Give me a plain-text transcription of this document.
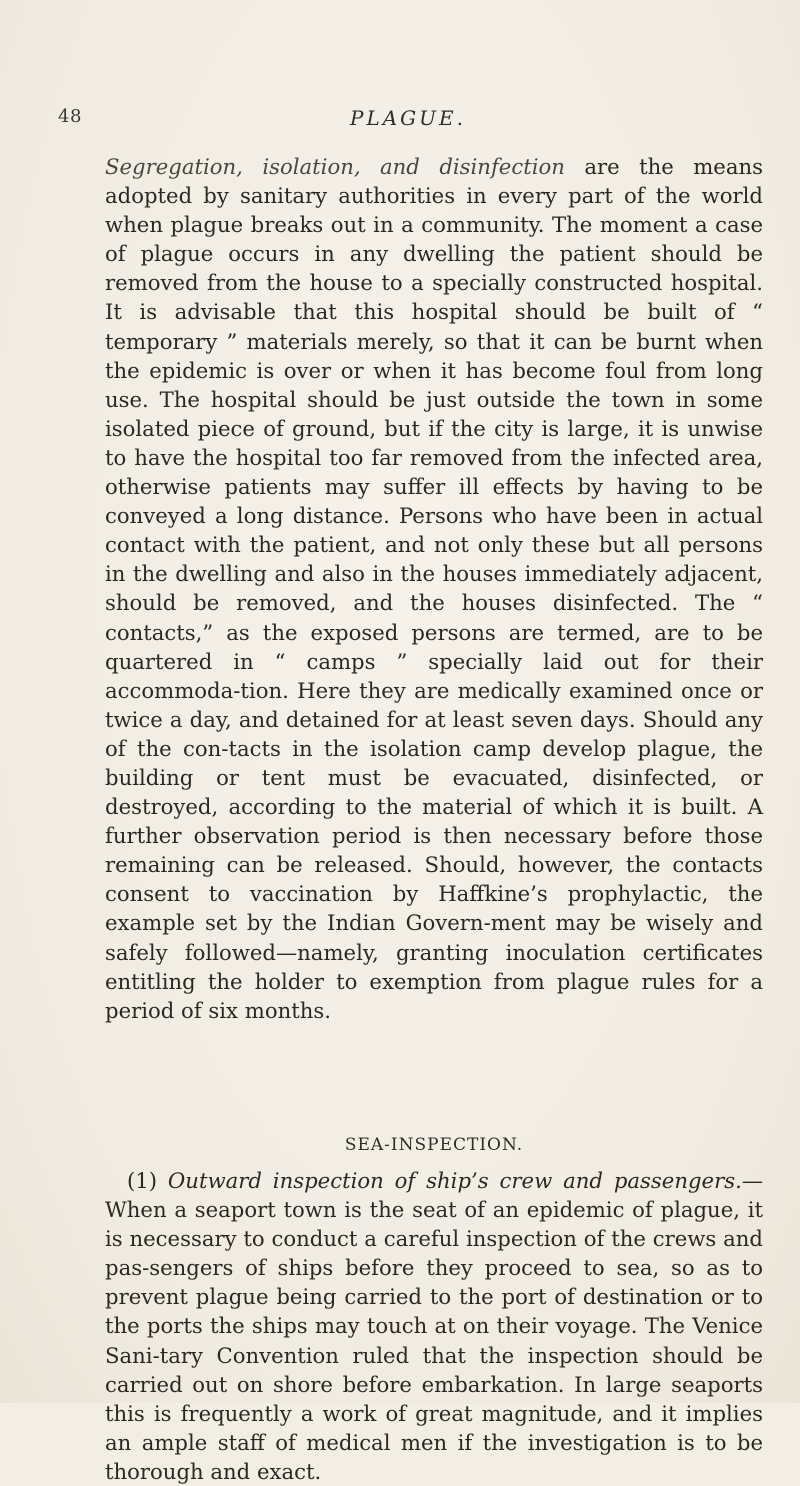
48	PLAGUE.

Segregation, isolation, and disinfection are the means adopted by sanitary authorities in every part of the world when plague breaks out in a community. The moment a case of plague occurs in any dwelling the patient should be removed from the house to a specially constructed hospital. It is advisable that this hospital should be built of “ temporary ” materials merely, so that it can be burnt when the epidemic is over or when it has become foul from long use. The hospital should be just outside the town in some isolated piece of ground, but if the city is large, it is unwise to have the hospital too far removed from the infected area, otherwise patients may suffer ill effects by having to be conveyed a long distance. Persons who have been in actual contact with the patient, and not only these but all persons in the dwelling and also in the houses immediately adjacent, should be removed, and the houses disinfected. The “ contacts,” as the exposed persons are termed, are to be quartered in “ camps ” specially laid out for their accommoda-tion. Here they are medically examined once or twice a day, and detained for at least seven days. Should any of the con-tacts in the isolation camp develop plague, the building or tent must be evacuated, disinfected, or destroyed, according to the material of which it is built. A further observation period is then necessary before those remaining can be released. Should, however, the contacts consent to vaccination by Haffkine’s prophylactic, the example set by the Indian Govern-ment may be wisely and safely followed—namely, granting inoculation certificates entitling the holder to exemption from plague rules for a period of six months.

SEA-INSPECTION.

(1) Outward inspection of ship’s crew and passengers.— When a seaport town is the seat of an epidemic of plague, it is necessary to conduct a careful inspection of the crews and pas-sengers of ships before they proceed to sea, so as to prevent plague being carried to the port of destination or to the ports the ships may touch at on their voyage. The Venice Sani-tary Convention ruled that the inspection should be carried out on shore before embarkation. In large seaports this is frequently a work of great magnitude, and it implies an ample staff of medical men if the investigation is to be thorough and exact.
